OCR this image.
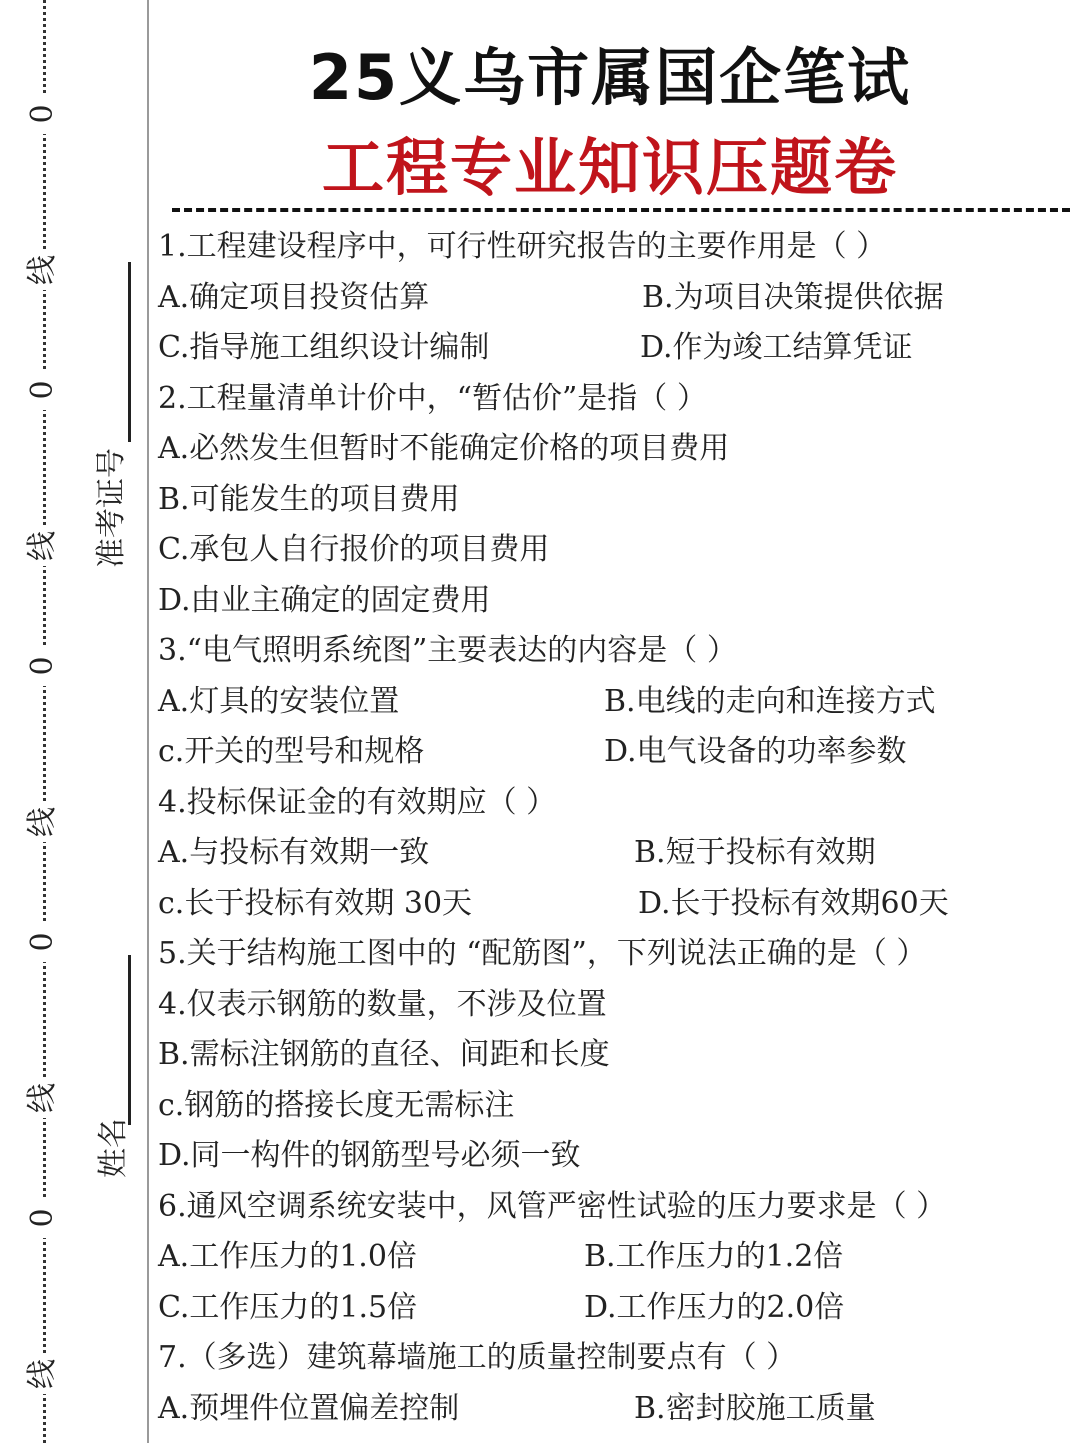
0
线
0
线
0
线
0
线
0
线
准考证号
姓名
25义乌市属国企笔试
工程专业知识压题卷
1.工程建设程序中，可行性研究报告的主要作用是（ ）
A.确定项目投资估算	B.为项目决策提供依据
C.指导施工组织设计编制	D.作为竣工结算凭证
2.工程量清单计价中，“暂估价”是指（ ）
A.必然发生但暂时不能确定价格的项目费用
B.可能发生的项目费用
C.承包人自行报价的项目费用
D.由业主确定的固定费用
3.“电气照明系统图”主要表达的内容是（ ）
A.灯具的安装位置	B.电线的走向和连接方式
c.开关的型号和规格	D.电气设备的功率参数
4.投标保证金的有效期应（ ）
A.与投标有效期一致	B.短于投标有效期
c.长于投标有效期 30天	D.长于投标有效期60天
5.关于结构施工图中的 “配筋图”，下列说法正确的是（ ）
4.仅表示钢筋的数量，不涉及位置
B.需标注钢筋的直径、间距和长度
c.钢筋的搭接长度无需标注
D.同一构件的钢筋型号必须一致
6.通风空调系统安装中，风管严密性试验的压力要求是（ ）
A.工作压力的1.0倍	B.工作压力的1.2倍
C.工作压力的1.5倍	D.工作压力的2.0倍
7.（多选）建筑幕墙施工的质量控制要点有（ ）
A.预埋件位置偏差控制	B.密封胶施工质量
